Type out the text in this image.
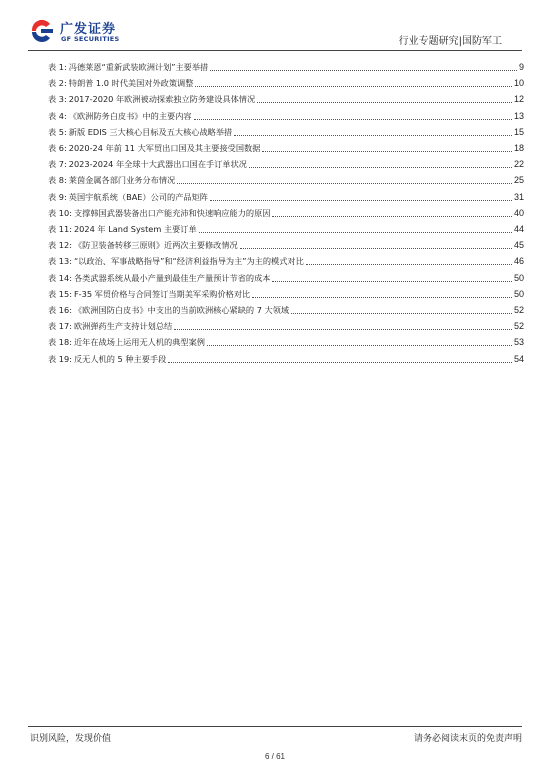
广发证券
GF SECURITIES	行业专题研究|国防军工
表 1: 冯德莱恩“重新武装欧洲计划”主要举措	9
表 2: 特朗普 1.0 时代美国对外政策调整	10
表 3: 2017-2020 年欧洲被动探索独立防务建设具体情况	12
表 4: 《欧洲防务白皮书》中的主要内容	13
表 5: 新版 EDIS 三大核心目标及五大核心战略举措	15
表 6: 2020-24 年前 11 大军贸出口国及其主要接受国数据	18
表 7: 2023-2024 年全球十大武器出口国在手订单状况	22
表 8: 莱茵金属各部门业务分布情况	25
表 9: 英国宇航系统（BAE）公司的产品矩阵	31
表 10: 支撑韩国武器装备出口产能充沛和快速响应能力的原因	40
表 11: 2024 年 Land System 主要订单	44
表 12: 《防卫装备转移三原则》近两次主要修改情况	45
表 13: “以政治、军事战略指导”和“经济利益指导为主”为主的模式对比	46
表 14: 各类武器系统从最小产量到最佳生产量预计节省的成本	50
表 15: F-35 军贸价格与合同签订当期美军采购价格对比	50
表 16: 《欧洲国防白皮书》中支出的当前欧洲核心紧缺的 7 大领域	52
表 17: 欧洲弹药生产支持计划总结	52
表 18: 近年在战场上运用无人机的典型案例	53
表 19: 反无人机的 5 种主要手段	54
识别风险，发现价值	请务必阅读末页的免责声明
6 / 61
